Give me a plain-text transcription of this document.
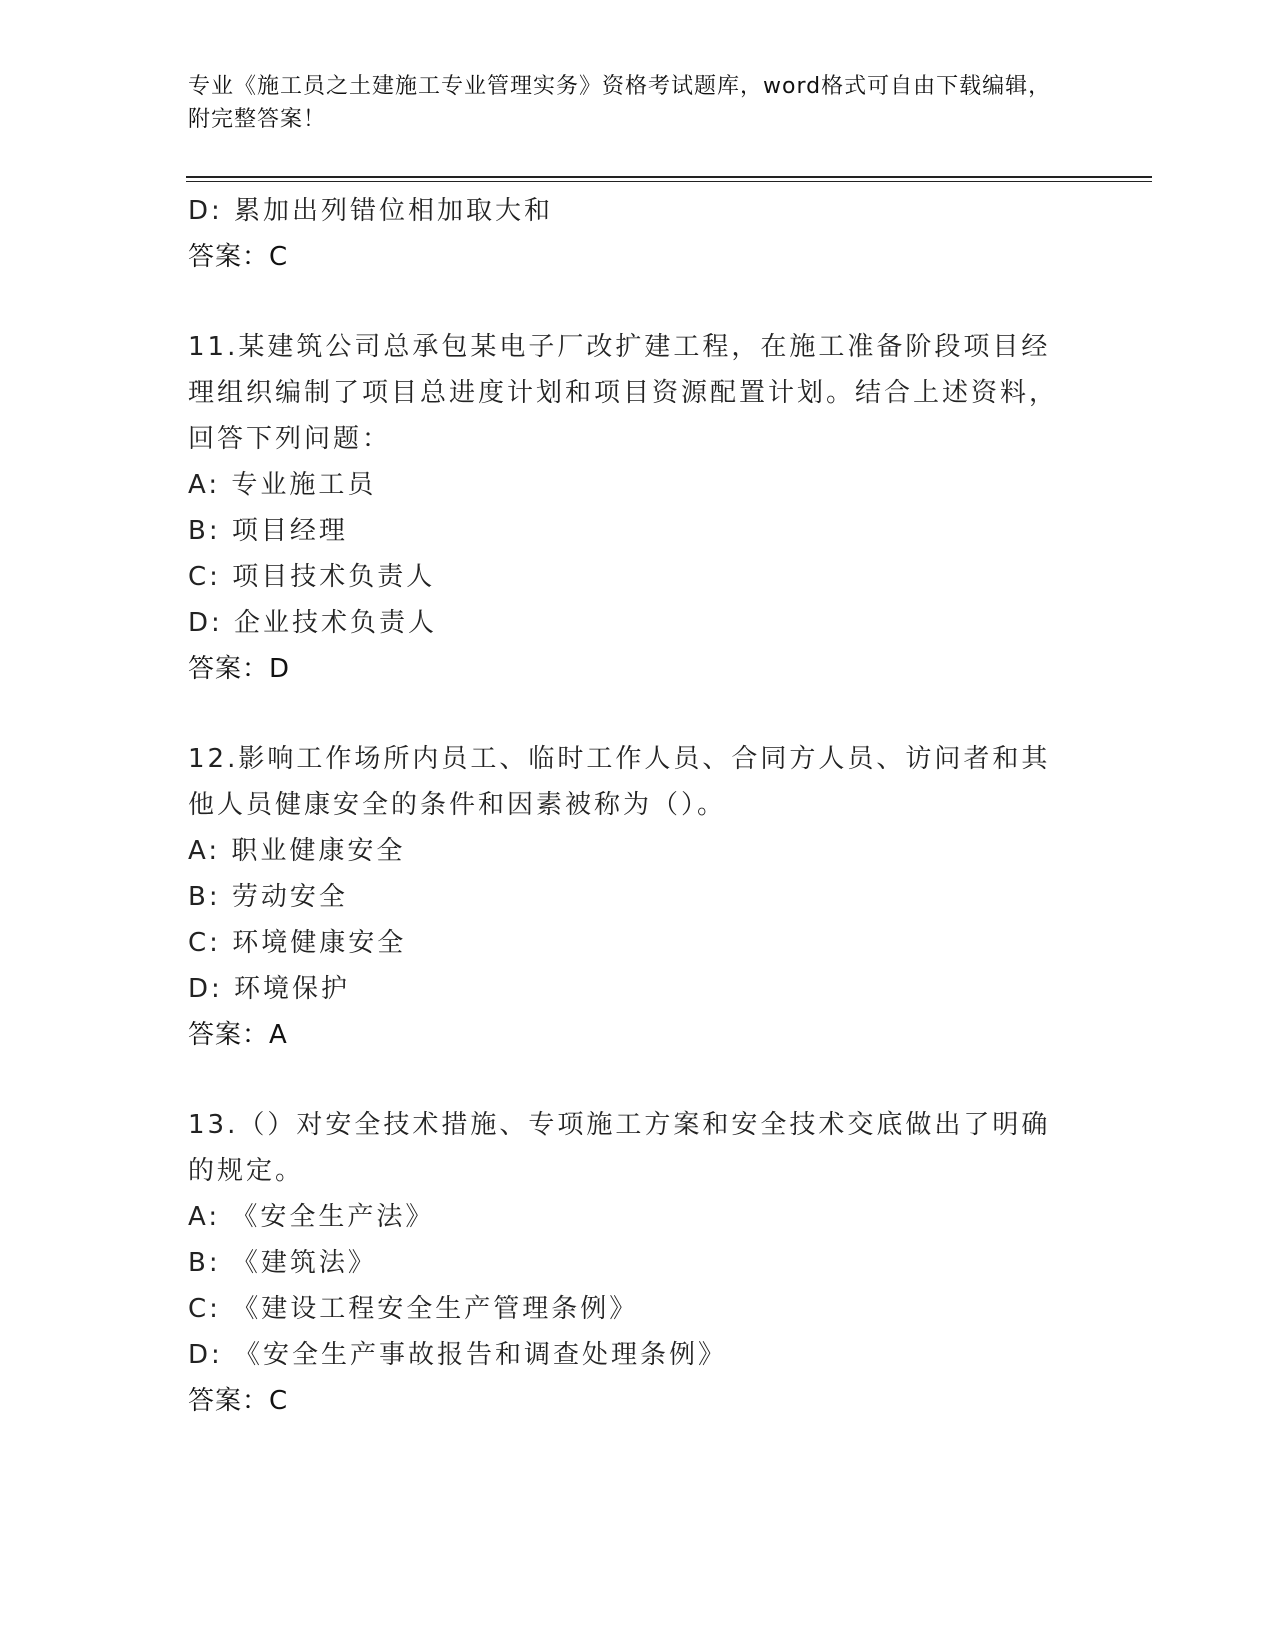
专业《施工员之土建施工专业管理实务》资格考试题库，word格式可自由下载编辑，附完整答案！
D: 累加出列错位相加取大和
答案：C
11.某建筑公司总承包某电子厂改扩建工程，在施工准备阶段项目经理组织编制了项目总进度计划和项目资源配置计划。结合上述资料，回答下列问题：
A: 专业施工员
B: 项目经理
C: 项目技术负责人
D: 企业技术负责人
答案：D
12.影响工作场所内员工、临时工作人员、合同方人员、访问者和其他人员健康安全的条件和因素被称为（）。
A: 职业健康安全
B: 劳动安全
C: 环境健康安全
D: 环境保护
答案：A
13.（）对安全技术措施、专项施工方案和安全技术交底做出了明确的规定。
A: 《安全生产法》
B: 《建筑法》
C: 《建设工程安全生产管理条例》
D: 《安全生产事故报告和调查处理条例》
答案：C
